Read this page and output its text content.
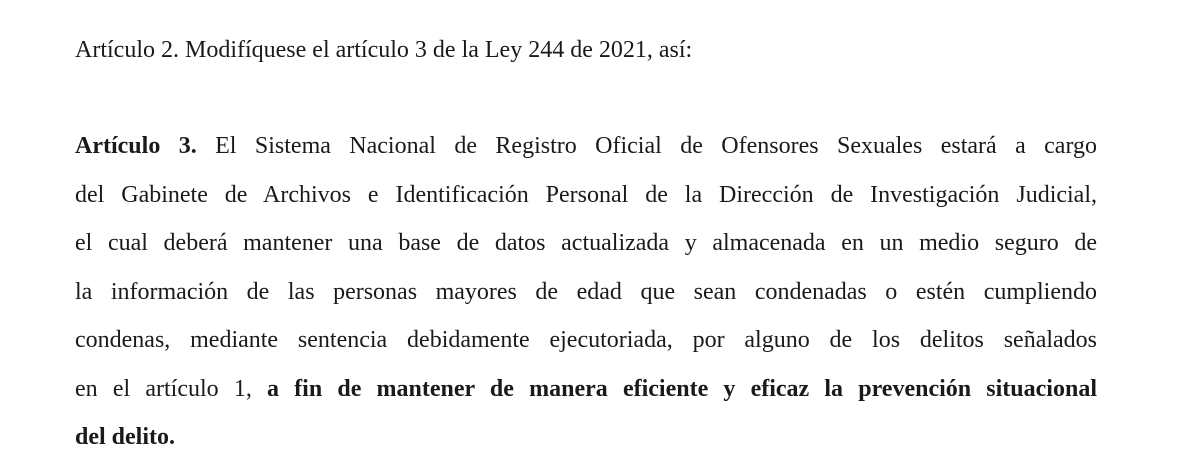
Artículo 2. Modifíquese el artículo 3 de la Ley 244 de 2021, así:

Artículo 3. El Sistema Nacional de Registro Oficial de Ofensores Sexuales estará a cargo
del Gabinete de Archivos e Identificación Personal de la Dirección de Investigación Judicial,
el cual deberá mantener una base de datos actualizada y almacenada en un medio seguro de
la información de las personas mayores de edad que sean condenadas o estén cumpliendo
condenas, mediante sentencia debidamente ejecutoriada, por alguno de los delitos señalados
en el artículo 1, a fin de mantener de manera eficiente y eficaz la prevención situacional
del delito.
